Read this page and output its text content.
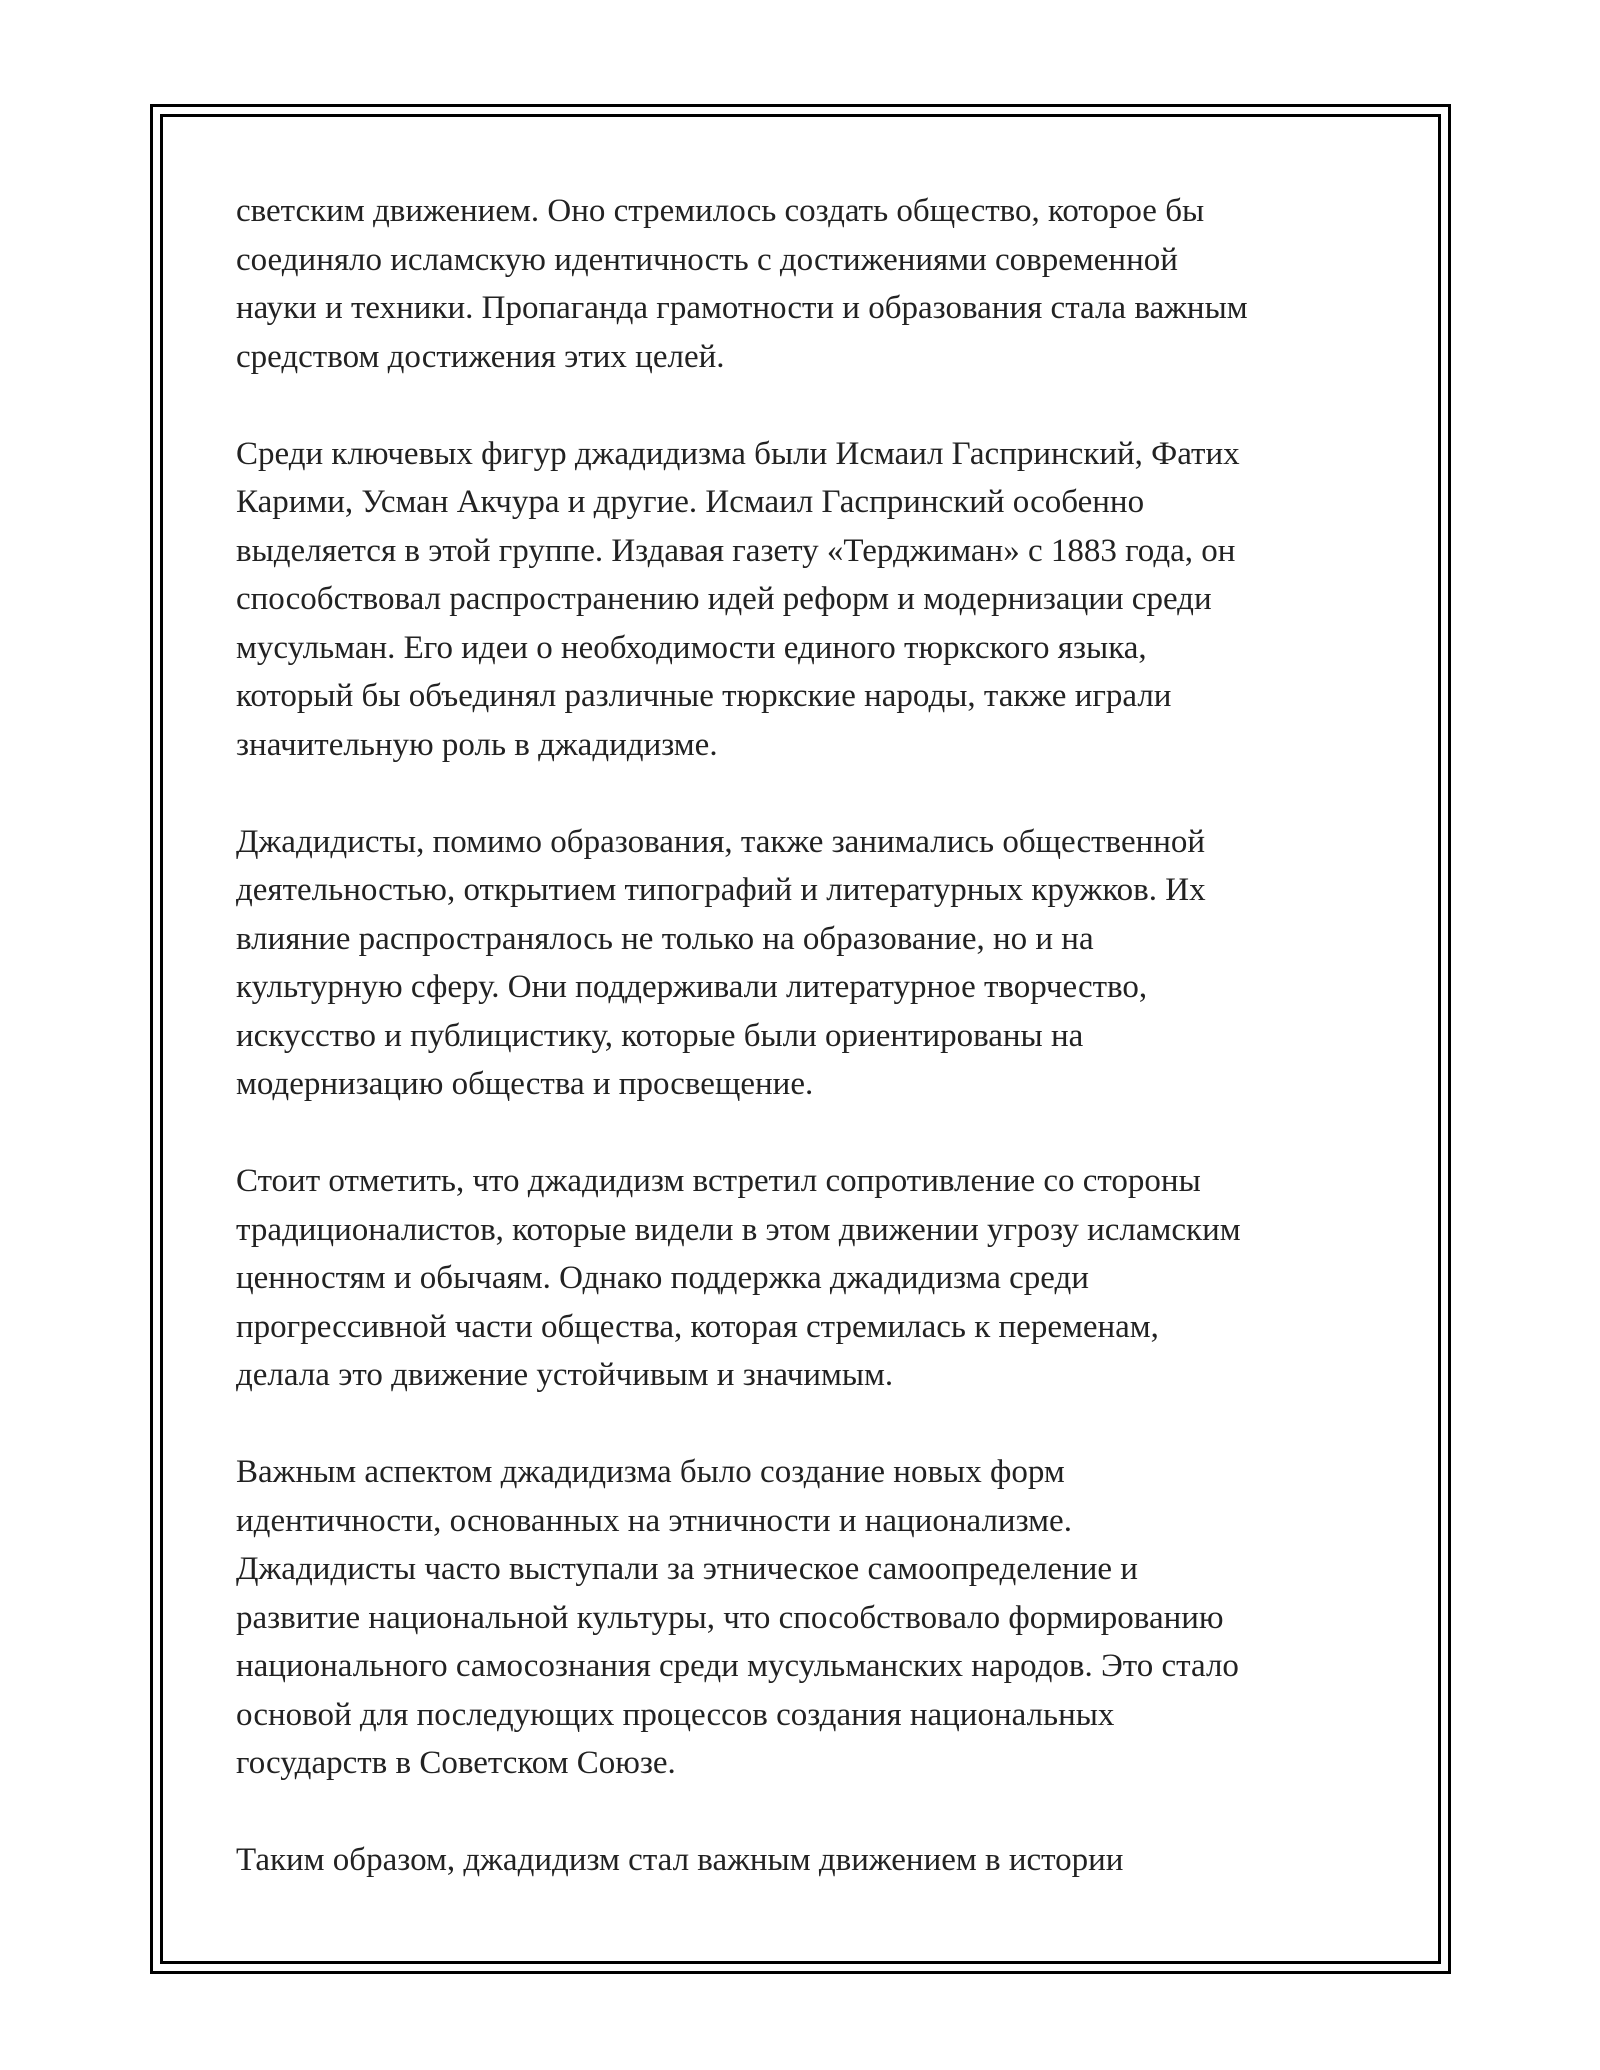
светским движением. Оно стремилось создать общество, которое бы
соединяло исламскую идентичность с достижениями современной
науки и техники. Пропаганда грамотности и образования стала важным
средством достижения этих целей.
Среди ключевых фигур джадидизма были Исмаил Гаспринский, Фатих
Карими, Усман Акчура и другие. Исмаил Гаспринский особенно
выделяется в этой группе. Издавая газету «Терджиман» с 1883 года, он
способствовал распространению идей реформ и модернизации среди
мусульман. Его идеи о необходимости единого тюркского языка,
который бы объединял различные тюркские народы, также играли
значительную роль в джадидизме.
Джадидисты, помимо образования, также занимались общественной
деятельностью, открытием типографий и литературных кружков. Их
влияние распространялось не только на образование, но и на
культурную сферу. Они поддерживали литературное творчество,
искусство и публицистику, которые были ориентированы на
модернизацию общества и просвещение.
Стоит отметить, что джадидизм встретил сопротивление со стороны
традиционалистов, которые видели в этом движении угрозу исламским
ценностям и обычаям. Однако поддержка джадидизма среди
прогрессивной части общества, которая стремилась к переменам,
делала это движение устойчивым и значимым.
Важным аспектом джадидизма было создание новых форм
идентичности, основанных на этничности и национализме.
Джадидисты часто выступали за этническое самоопределение и
развитие национальной культуры, что способствовало формированию
национального самосознания среди мусульманских народов. Это стало
основой для последующих процессов создания национальных
государств в Советском Союзе.
Таким образом, джадидизм стал важным движением в истории
